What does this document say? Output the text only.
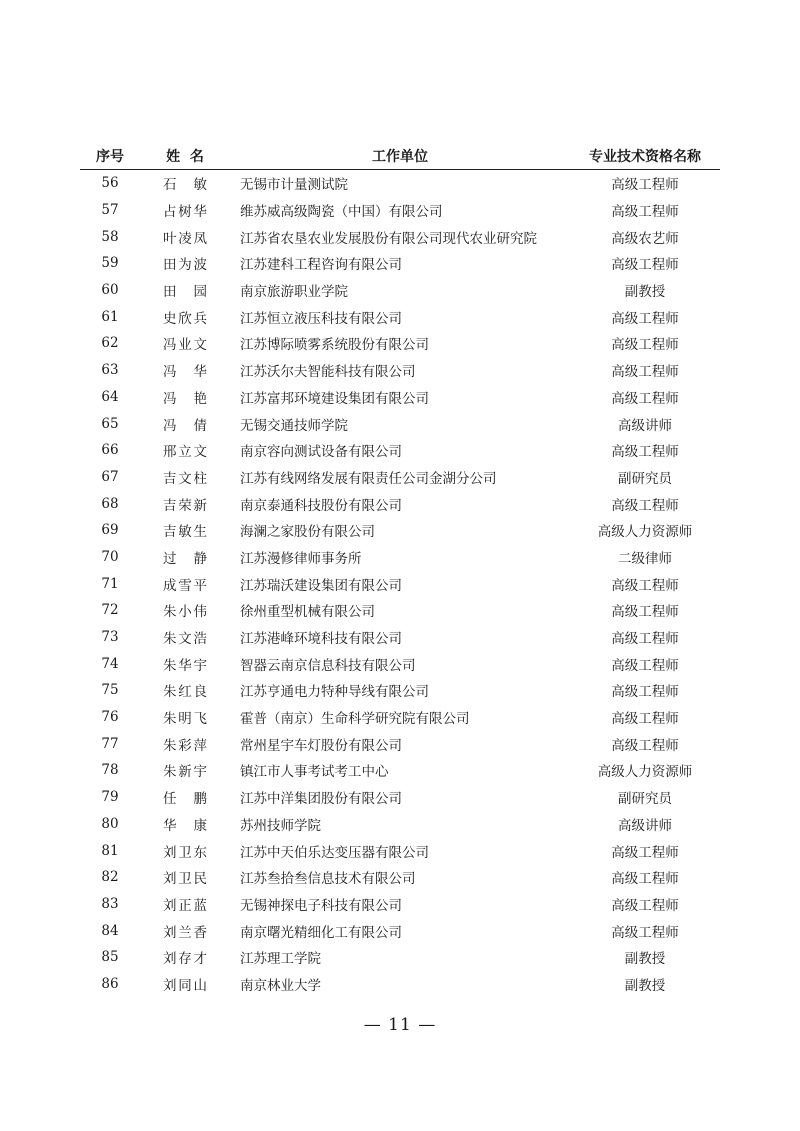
序号	姓  名	工作单位	专业技术资格名称
56	石 敏	无锡市计量测试院	高级工程师
57	占树华	维苏威高级陶瓷（中国）有限公司	高级工程师
58	叶凌凤	江苏省农垦农业发展股份有限公司现代农业研究院	高级农艺师
59	田为波	江苏建科工程咨询有限公司	高级工程师
60	田 园	南京旅游职业学院	副教授
61	史欣兵	江苏恒立液压科技有限公司	高级工程师
62	冯业文	江苏博际喷雾系统股份有限公司	高级工程师
63	冯 华	江苏沃尔夫智能科技有限公司	高级工程师
64	冯 艳	江苏富邦环境建设集团有限公司	高级工程师
65	冯 倩	无锡交通技师学院	高级讲师
66	邢立文	南京容向测试设备有限公司	高级工程师
67	吉文柱	江苏有线网络发展有限责任公司金湖分公司	副研究员
68	吉荣新	南京泰通科技股份有限公司	高级工程师
69	吉敏生	海澜之家股份有限公司	高级人力资源师
70	过 静	江苏漫修律师事务所	二级律师
71	成雪平	江苏瑞沃建设集团有限公司	高级工程师
72	朱小伟	徐州重型机械有限公司	高级工程师
73	朱文浩	江苏港峰环境科技有限公司	高级工程师
74	朱华宇	智器云南京信息科技有限公司	高级工程师
75	朱红良	江苏亨通电力特种导线有限公司	高级工程师
76	朱明飞	霍普（南京）生命科学研究院有限公司	高级工程师
77	朱彩萍	常州星宇车灯股份有限公司	高级工程师
78	朱新宇	镇江市人事考试考工中心	高级人力资源师
79	任 鹏	江苏中洋集团股份有限公司	副研究员
80	华 康	苏州技师学院	高级讲师
81	刘卫东	江苏中天伯乐达变压器有限公司	高级工程师
82	刘卫民	江苏叁拾叁信息技术有限公司	高级工程师
83	刘正蓝	无锡神探电子科技有限公司	高级工程师
84	刘兰香	南京曙光精细化工有限公司	高级工程师
85	刘存才	江苏理工学院	副教授
86	刘同山	南京林业大学	副教授
— 11 —
